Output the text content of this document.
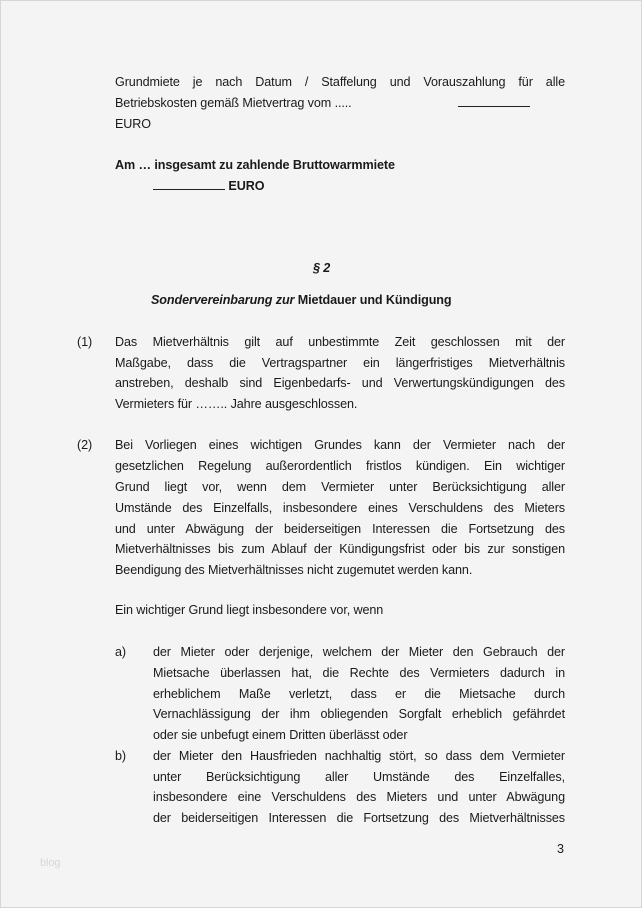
Grundmiete je nach Datum / Staffelung und Vorauszahlung für alle
Betriebskosten gemäß Mietvertrag vom .....
EURO
Am … insgesamt zu zahlende Bruttowarmmiete
EURO
§ 2
Sondervereinbarung zur Mietdauer und Kündigung
(1) Das Mietverhältnis gilt auf unbestimmte Zeit geschlossen mit der
Maßgabe, dass die Vertragspartner ein längerfristiges Mietverhältnis
anstreben, deshalb sind Eigenbedarfs- und Verwertungskündigungen des
Vermieters für …….. Jahre ausgeschlossen.
(2) Bei Vorliegen eines wichtigen Grundes kann der Vermieter nach der
gesetzlichen Regelung außerordentlich fristlos kündigen. Ein wichtiger
Grund liegt vor, wenn dem Vermieter unter Berücksichtigung aller
Umstände des Einzelfalls, insbesondere eines Verschuldens des Mieters
und unter Abwägung der beiderseitigen Interessen die Fortsetzung des
Mietverhältnisses bis zum Ablauf der Kündigungsfrist oder bis zur sonstigen
Beendigung des Mietverhältnisses nicht zugemutet werden kann.
Ein wichtiger Grund liegt insbesondere vor, wenn
a) der Mieter oder derjenige, welchem der Mieter den Gebrauch der
Mietsache überlassen hat, die Rechte des Vermieters dadurch in
erheblichem Maße verletzt, dass er die Mietsache durch
Vernachlässigung der ihm obliegenden Sorgfalt erheblich gefährdet
oder sie unbefugt einem Dritten überlässt oder
b) der Mieter den Hausfrieden nachhaltig stört, so dass dem Vermieter
unter Berücksichtigung aller Umstände des Einzelfalles,
insbesondere eine Verschuldens des Mieters und unter Abwägung
der beiderseitigen Interessen die Fortsetzung des Mietverhältnisses
3
blog
